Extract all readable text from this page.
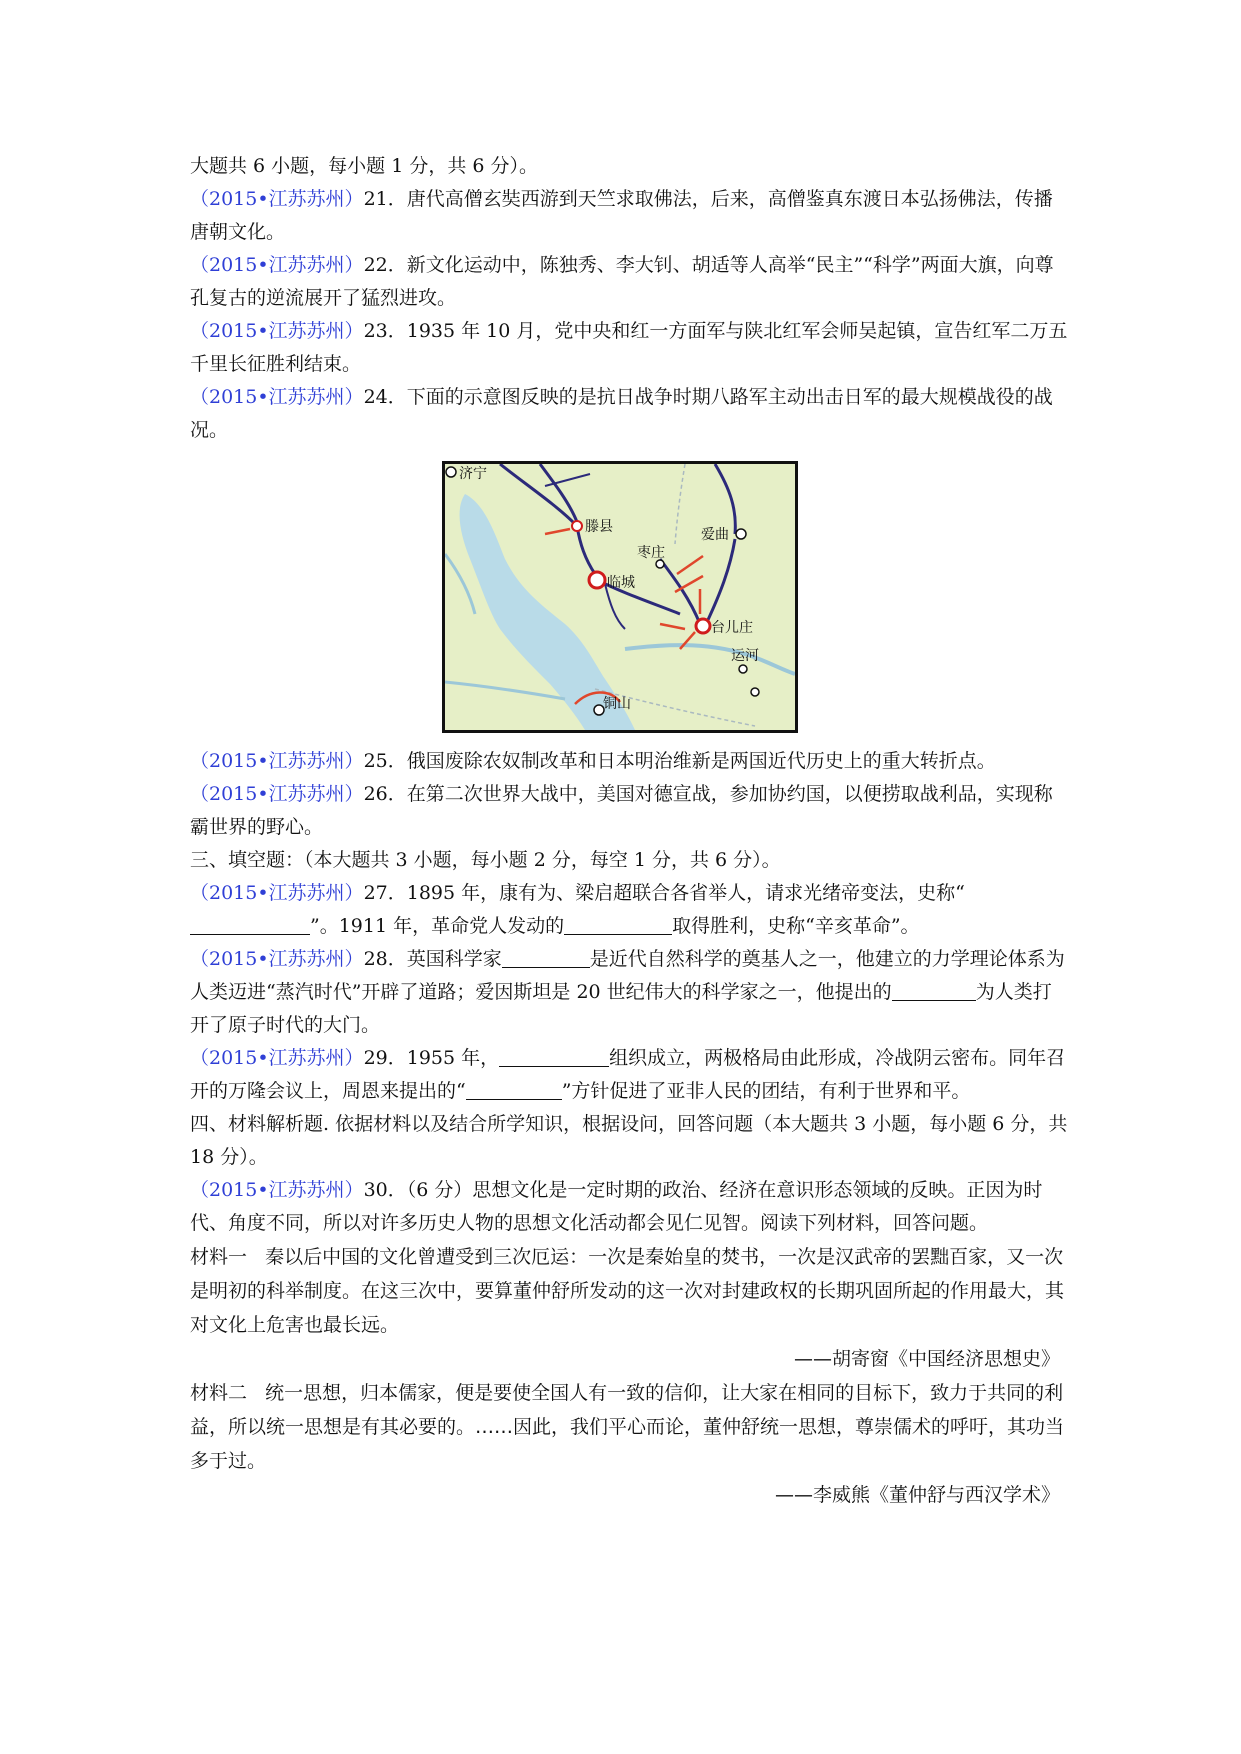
大题共 6 小题，每小题 1 分，共 6 分）。

（2015•江苏苏州）21．唐代高僧玄奘西游到天竺求取佛法，后来，高僧鉴真东渡日本弘扬佛法，传播唐朝文化。

（2015•江苏苏州）22．新文化运动中，陈独秀、李大钊、胡适等人高举“民主”“科学”两面大旗，向尊孔复古的逆流展开了猛烈进攻。

（2015•江苏苏州）23．1935 年 10 月，党中央和红一方面军与陕北红军会师吴起镇，宣告红军二万五千里长征胜利结束。

（2015•江苏苏州）24．下面的示意图反映的是抗日战争时期八路军主动出击日军的最大规模战役的战况。

济宁
滕县	爱曲
枣庄
临城
台儿庄
运河
铜山

（2015•江苏苏州）25．俄国废除农奴制改革和日本明治维新是两国近代历史上的重大转折点。

（2015•江苏苏州）26．在第二次世界大战中，美国对德宣战，参加协约国，以便捞取战利品，实现称霸世界的野心。

三、填空题：（本大题共 3 小题，每小题 2 分，每空 1 分，共 6 分）。

（2015•江苏苏州）27．1895 年，康有为、梁启超联合各省举人，请求光绪帝变法，史称“”。1911 年，革命党人发动的	取得胜利，史称“辛亥革命”。

（2015•江苏苏州）28．英国科学家	是近代自然科学的奠基人之一，他建立的力学理论体系为人类迈进“蒸汽时代”开辟了道路；爱因斯坦是 20 世纪伟大的科学家之一，他提出的	为人类打开了原子时代的大门。

（2015•江苏苏州）29．1955 年，	组织成立，两极格局由此形成，冷战阴云密布。同年召开的万隆会议上，周恩来提出的“	”方针促进了亚非人民的团结，有利于世界和平。

四、材料解析题. 依据材料以及结合所学知识，根据设问，回答问题（本大题共 3 小题，每小题 6 分，共 18 分）。

（2015•江苏苏州）30．（6 分）思想文化是一定时期的政治、经济在意识形态领域的反映。正因为时代、角度不同，所以对许多历史人物的思想文化活动都会见仁见智。阅读下列材料，回答问题。

材料一 秦以后中国的文化曾遭受到三次厄运：一次是秦始皇的焚书，一次是汉武帝的罢黜百家，又一次是明初的科举制度。在这三次中，要算董仲舒所发动的这一次对封建政权的长期巩固所起的作用最大，其对文化上危害也最长远。

——胡寄窗《中国经济思想史》

材料二 统一思想，归本儒家，便是要使全国人有一致的信仰，让大家在相同的目标下，致力于共同的利益，所以统一思想是有其必要的。……因此，我们平心而论，董仲舒统一思想，尊崇儒术的呼吁，其功当多于过。

——李威熊《董仲舒与西汉学术》
